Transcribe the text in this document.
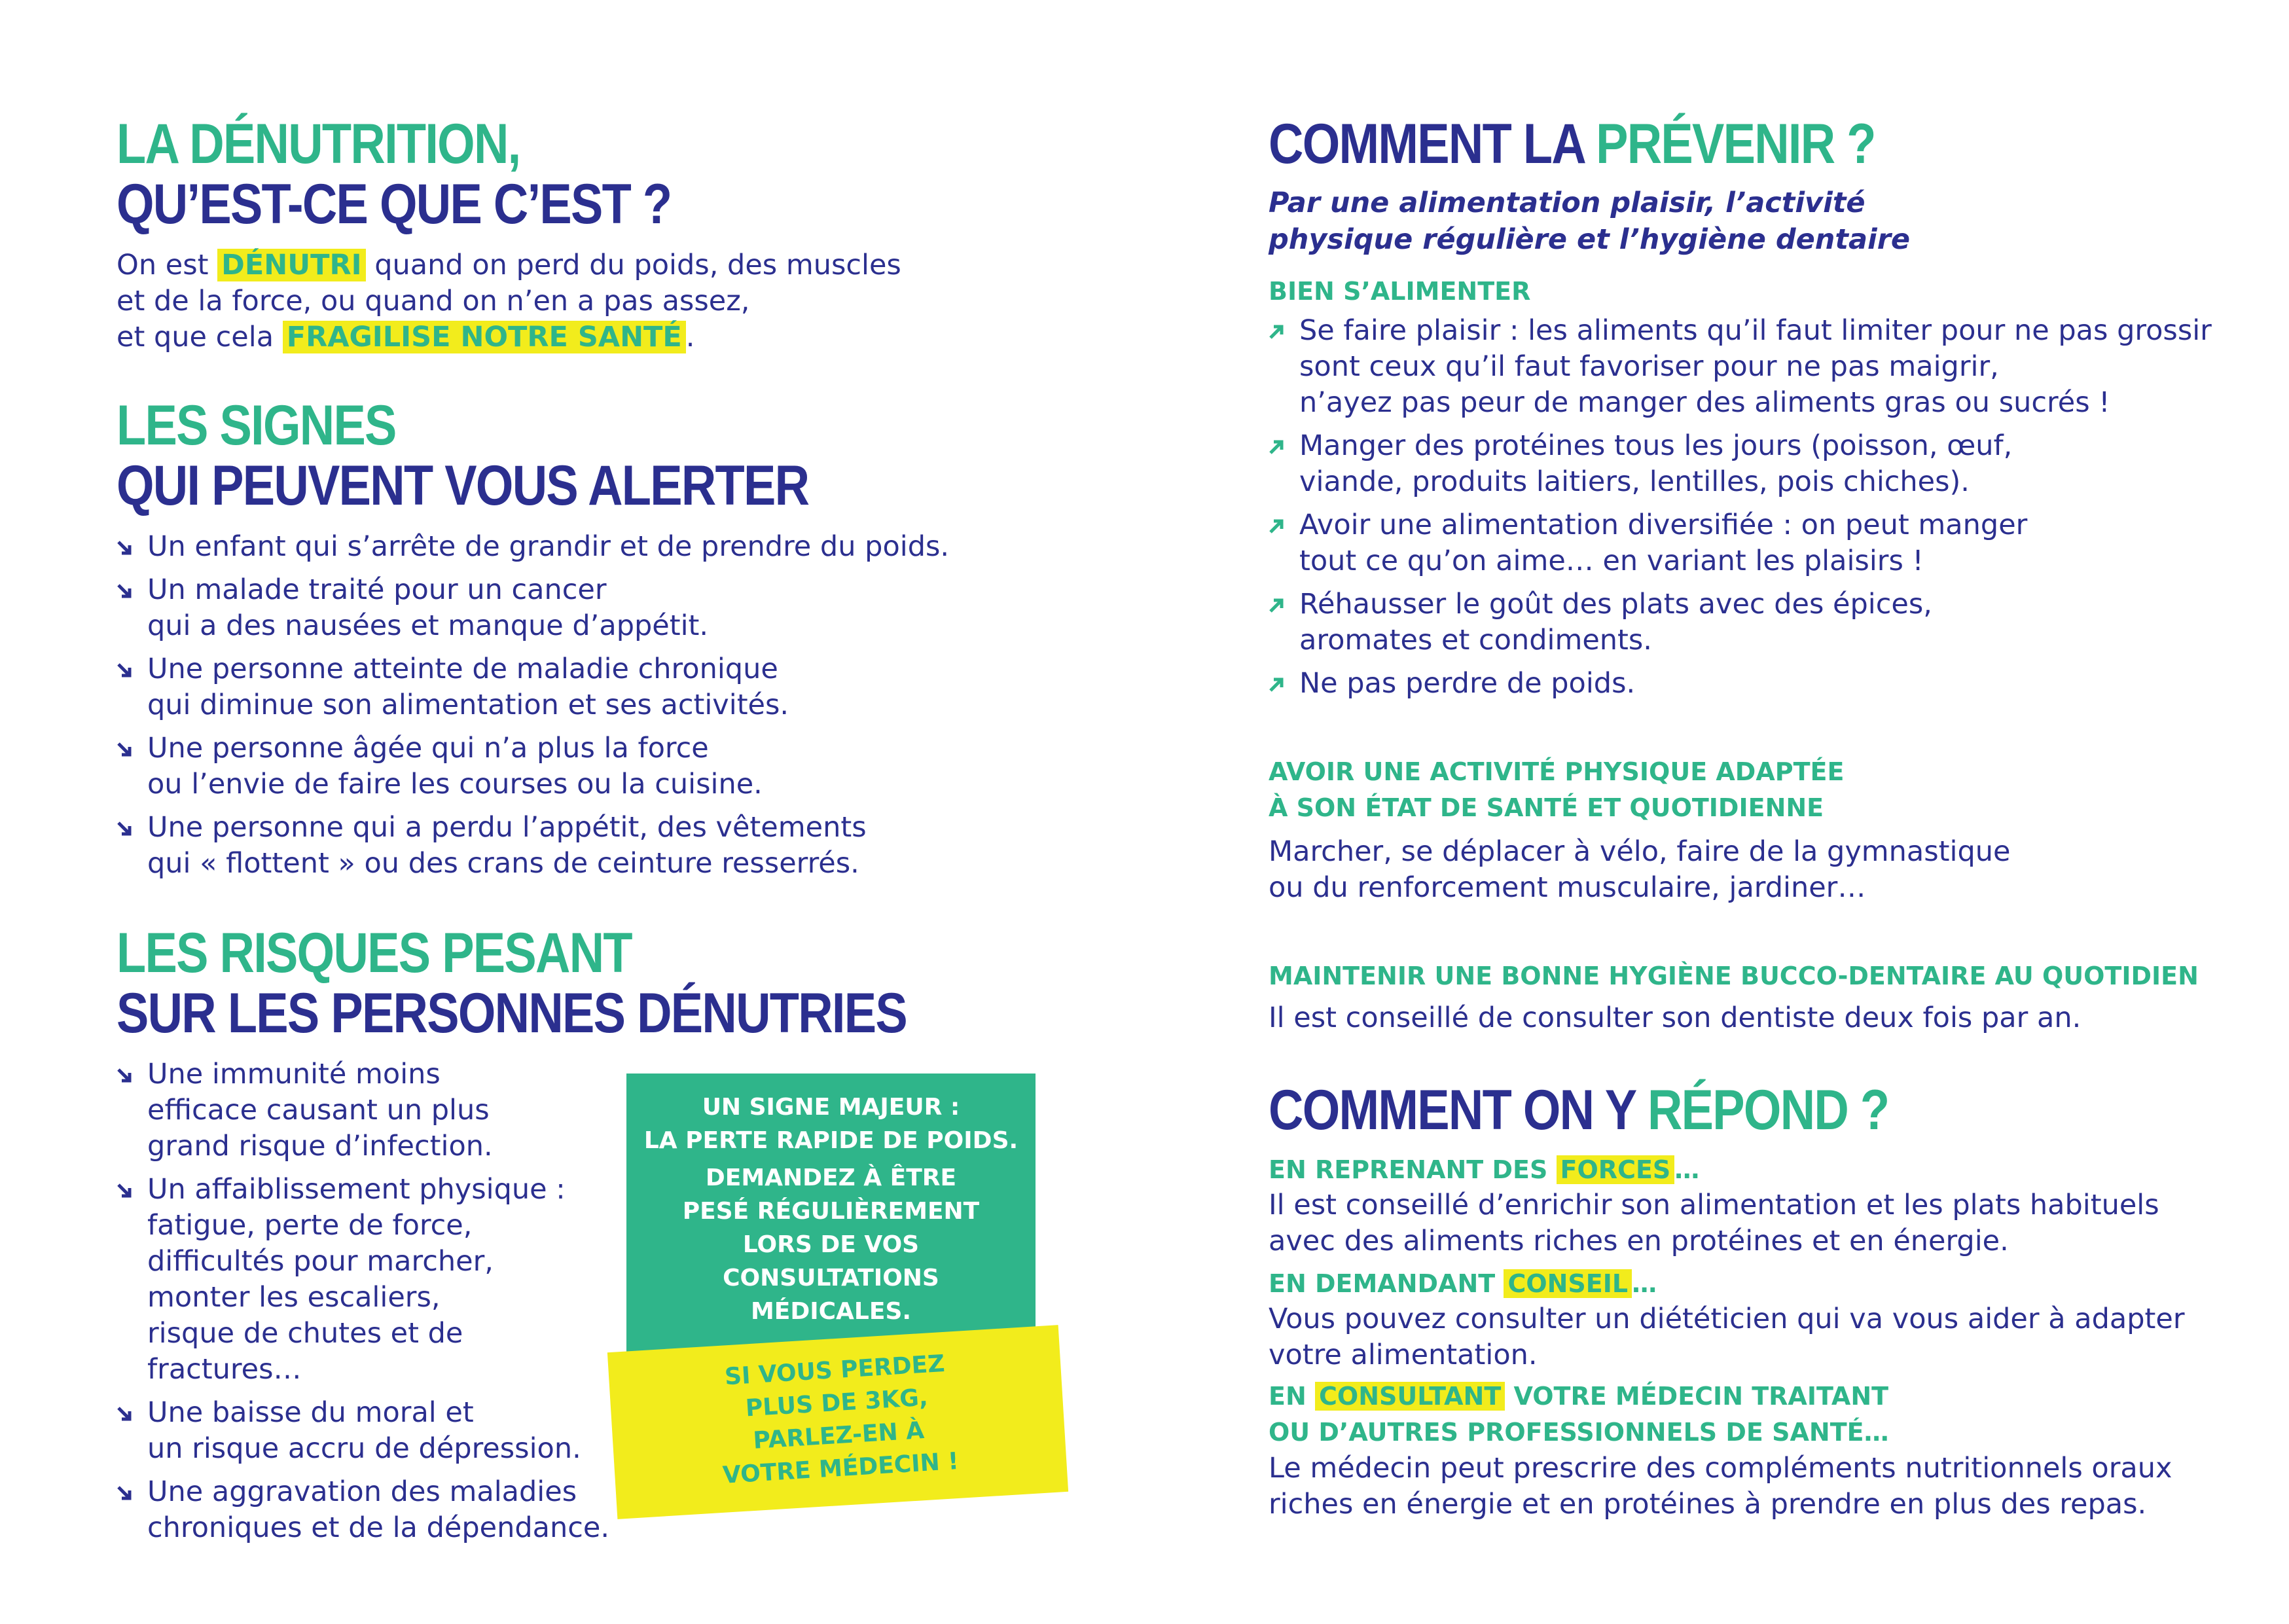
LA DÉNUTRITION,
QU’EST-CE QUE C’EST ?

On est DÉNUTRI quand on perd du poids, des muscles
et de la force, ou quand on n’en a pas assez,
et que cela FRAGILISE NOTRE SANTÉ .

LES SIGNES
QUI PEUVENT VOUS ALERTER
Un enfant qui s’arrête de grandir et de prendre du poids.
Un malade traité pour un cancer
qui a des nausées et manque d’appétit.
Une personne atteinte de maladie chronique
qui diminue son alimentation et ses activités.
Une personne âgée qui n’a plus la force
ou l’envie de faire les courses ou la cuisine.
Une personne qui a perdu l’appétit, des vêtements
qui « flottent » ou des crans de ceinture resserrés.
LES RISQUES PESANT
SUR LES PERSONNES DÉNUTRIES
Une immunité moins
efficace causant un plus
grand risque d’infection.
Un affaiblissement physique :
fatigue, perte de force,
difficultés pour marcher,
monter les escaliers,
risque de chutes et de fractures…
Une baisse du moral et
un risque accru de dépression.
Une aggravation des maladies
chroniques et de la dépendance.
UN SIGNE MAJEUR :
LA PERTE RAPIDE DE POIDS.
DEMANDEZ À ÊTRE
PESÉ RÉGULIÈREMENT
LORS DE VOS
CONSULTATIONS
MÉDICALES.
SI VOUS PERDEZ
PLUS DE 3KG,
PARLEZ-EN À
VOTRE MÉDECIN !
COMMENT LA PRÉVENIR ?

Par une alimentation plaisir, l’activité
physique régulière et l’hygiène dentaire

BIEN S’ALIMENTER

Se faire plaisir : les aliments qu’il faut limiter pour ne pas grossir
sont ceux qu’il faut favoriser pour ne pas maigrir,
n’ayez pas peur de manger des aliments gras ou sucrés !
Manger des protéines tous les jours (poisson, œuf,
viande, produits laitiers, lentilles, pois chiches).
Avoir une alimentation diversifiée : on peut manger
tout ce qu’on aime… en variant les plaisirs !
Réhausser le goût des plats avec des épices,
aromates et condiments.
Ne pas perdre de poids.

AVOIR UNE ACTIVITÉ PHYSIQUE ADAPTÉE
À SON ÉTAT DE SANTÉ ET QUOTIDIENNE

Marcher, se déplacer à vélo, faire de la gymnastique
ou du renforcement musculaire, jardiner…

MAINTENIR UNE BONNE HYGIÈNE BUCCO-DENTAIRE AU QUOTIDIEN

Il est conseillé de consulter son dentiste deux fois par an.

COMMENT ON Y RÉPOND ?

EN REPRENANT DES FORCES …

Il est conseillé d’enrichir son alimentation et les plats habituels
avec des aliments riches en protéines et en énergie.

EN DEMANDANT CONSEIL …

Vous pouvez consulter un diététicien qui va vous aider à adapter
votre alimentation.

EN CONSULTANT VOTRE MÉDECIN TRAITANT
OU D’AUTRES PROFESSIONNELS DE SANTÉ…

Le médecin peut prescrire des compléments nutritionnels oraux
riches en énergie et en protéines à prendre en plus des repas.
